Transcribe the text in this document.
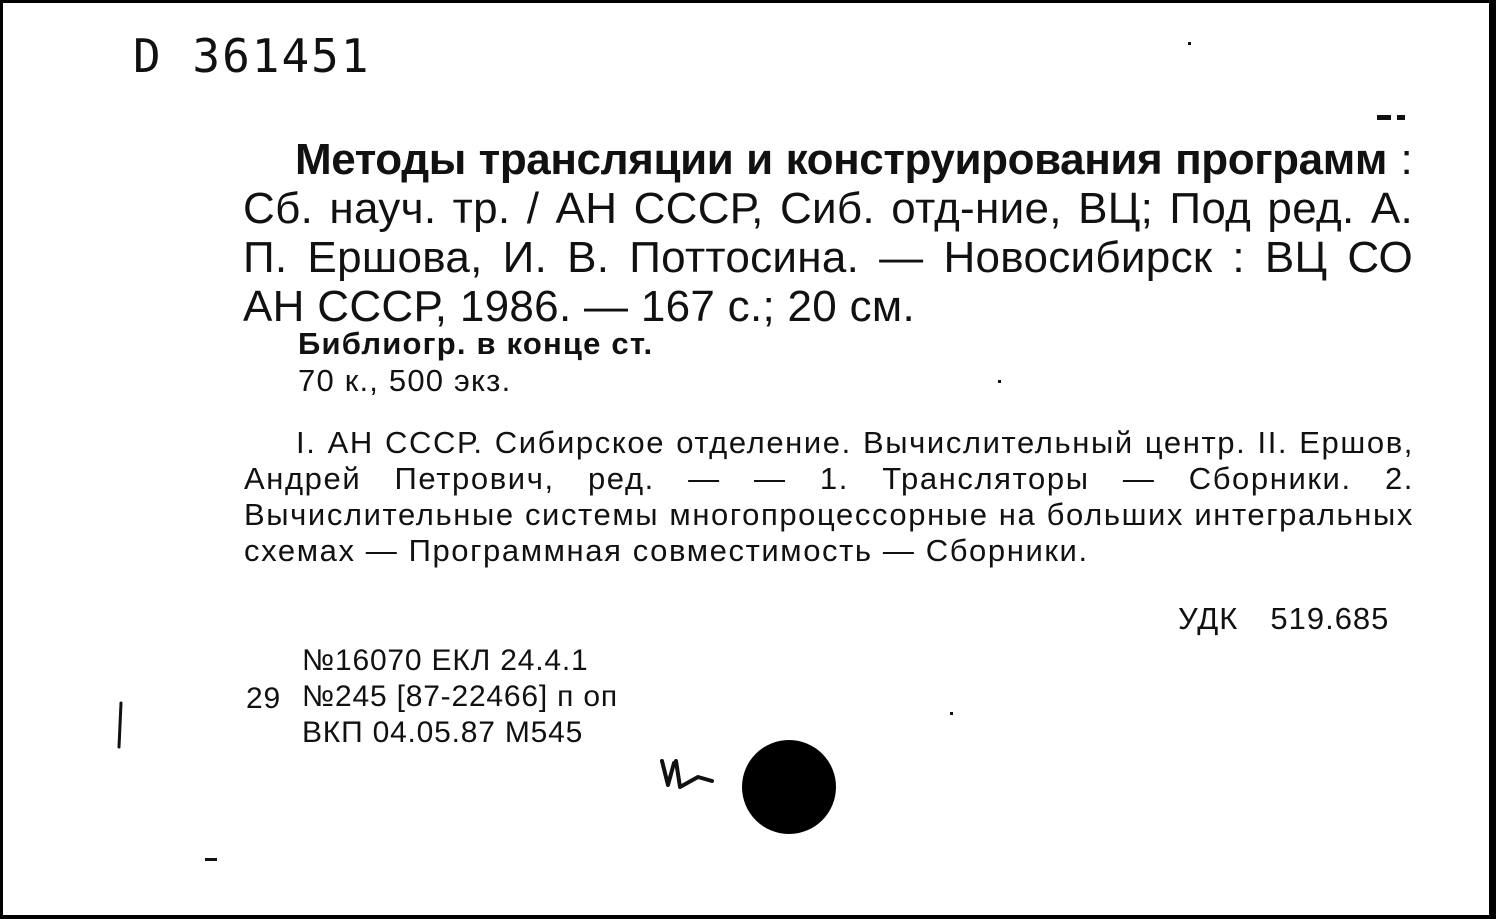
D 361451
Методы трансляции и конструирования программ : Сб. науч. тр. / АН СССР, Сиб. отд-ние, ВЦ; Под ред. А. П. Ершова, И. В. Поттосина. — Новосибирск : ВЦ СО АН СССР, 1986. — 167 с.; 20 см.
Библиогр. в конце ст.
70 к., 500 экз.
I. АН СССР. Сибирское отделение. Вычислительный центр. II. Ершов, Андрей Петрович, ред. — — 1. Трансляторы — Сборники. 2. Вычислительные системы многопроцессорные на больших интегральных схемах — Программная совместимость — Сборники.
УДК 519.685
29
№16070 ЕКЛ 24.4.1
№245 [87-22466] п оп
ВКП 04.05.87 М545
